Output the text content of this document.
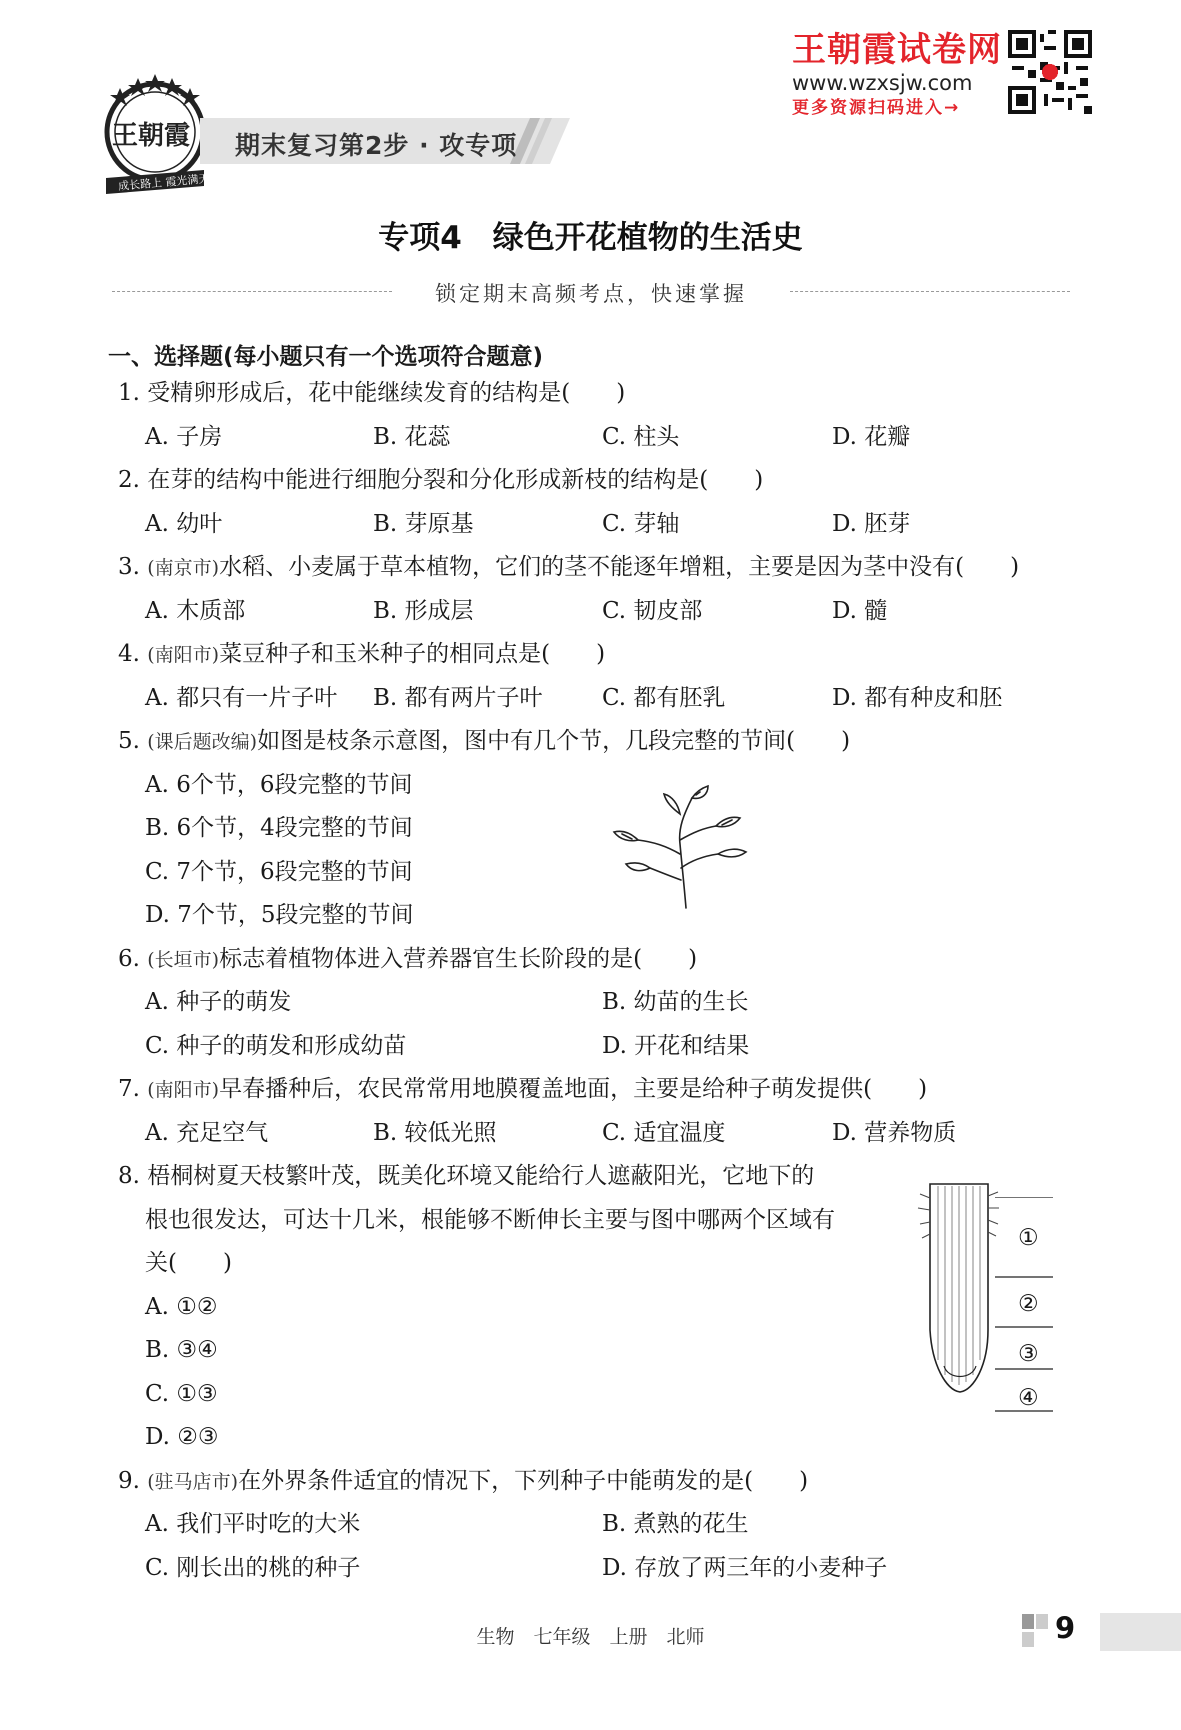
王朝霞
成长路上 霞光满天
期末复习第2步 · 攻专项
王朝霞试卷网
www.wzxsjw.com
更多资源扫码进入→
专项4　绿色开花植物的生活史
锁定期末高频考点，快速掌握
一、选择题(每小题只有一个选项符合题意)
1. 受精卵形成后，花中能继续发育的结构是(　　)
A. 子房	B. 花蕊	C. 柱头	D. 花瓣
2. 在芽的结构中能进行细胞分裂和分化形成新枝的结构是(　　)
A. 幼叶	B. 芽原基	C. 芽轴	D. 胚芽
3. (南京市)水稻、小麦属于草本植物，它们的茎不能逐年增粗，主要是因为茎中没有(　　)
A. 木质部	B. 形成层	C. 韧皮部	D. 髓
4. (南阳市)菜豆种子和玉米种子的相同点是(　　)
A. 都只有一片子叶 B. 都有两片子叶	C. 都有胚乳	D. 都有种皮和胚
5. (课后题改编)如图是枝条示意图，图中有几个节，几段完整的节间(　　)
A. 6个节，6段完整的节间
B. 6个节，4段完整的节间
C. 7个节，6段完整的节间
D. 7个节，5段完整的节间
6. (长垣市)标志着植物体进入营养器官生长阶段的是(　　)
A. 种子的萌发	B. 幼苗的生长
C. 种子的萌发和形成幼苗	D. 开花和结果
7. (南阳市)早春播种后，农民常常用地膜覆盖地面，主要是给种子萌发提供(　　)
A. 充足空气	B. 较低光照	C. 适宜温度	D. 营养物质
8. 梧桐树夏天枝繁叶茂，既美化环境又能给行人遮蔽阳光，它地下的
根也很发达，可达十几米，根能够不断伸长主要与图中哪两个区域有
关(　　)
A. ①②
B. ③④
C. ①③
D. ②③
①
②
③
④
9. (驻马店市)在外界条件适宜的情况下，下列种子中能萌发的是(　　)
A. 我们平时吃的大米	B. 煮熟的花生
C. 刚长出的桃的种子	D. 存放了两三年的小麦种子
生物　七年级　上册　北师	9
